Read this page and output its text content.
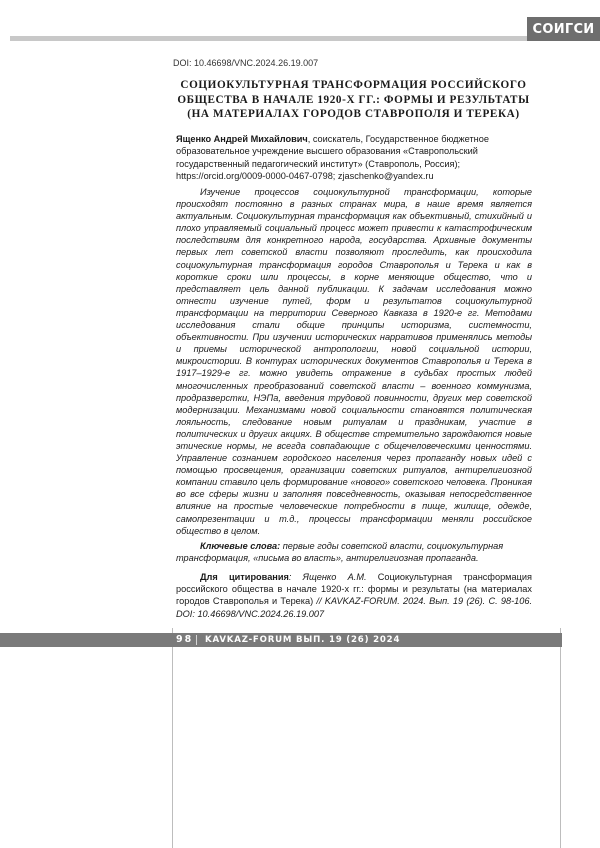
СОИГСИ
DOI: 10.46698/VNC.2024.26.19.007
СОЦИОКУЛЬТУРНАЯ ТРАНСФОРМАЦИЯ РОССИЙСКОГО
ОБЩЕСТВА В НАЧАЛЕ 1920-Х ГГ.: ФОРМЫ И РЕЗУЛЬТАТЫ
(НА МАТЕРИАЛАХ ГОРОДОВ СТАВРОПОЛЯ И ТЕРЕКА)
Ященко Андрей Михайлович, соискатель, Государственное бюджетное образовательное учреждение высшего образования «Ставропольский государственный педагогический институт» (Ставрополь, Россия); https://orcid.org/0009-0000-0467-0798; zjaschenko@yandex.ru
Изучение процессов социокультурной трансформации, которые происходят постоянно в разных странах мира, в наше время является актуальным. Социокультурная трансформация как объективный, стихийный и плохо управляемый социальный процесс может привести к катастрофическим последствиям для конкретного народа, государства. Архивные документы первых лет советской власти позволяют проследить, как происходила социокультурная трансформация городов Ставрополья и Терека и как в короткие сроки шли процессы, в корне меняющие общество, что и представляет цель данной публикации. К задачам исследования можно отнести изучение путей, форм и результатов социокультурной трансформации на территории Северного Кавказа в 1920-е гг. Методами исследования стали общие принципы историзма, системности, объективности. При изучении исторических нарративов применялись методы и приемы исторической антропологии, новой социальной истории, микроистории. В контурах исторических документов Ставрополья и Терека в 1917–1929-е гг. можно увидеть отражение в судьбах простых людей многочисленных преобразований советской власти – военного коммунизма, продразверстки, НЭПа, введения трудовой повинности, других мер советской модернизации. Механизмами новой социальности становятся политическая лояльность, следование новым ритуалам и праздникам, участие в политических и других акциях. В обществе стремительно зарождаются новые этические нормы, не всегда совпадающие с общечеловеческими ценностями. Управление сознанием городского населения через пропаганду новых идей с помощью просвещения, организации советских ритуалов, антирелигиозной компании ставило цель формирование «нового» советского человека. Проникая во все сферы жизни и заполняя повседневность, оказывая непосредственное влияние на простые человеческие потребности в пище, жилище, одежде, самопрезентации и т.д., процессы трансформации меняли российское общество в целом.
Ключевые слова: первые годы советской власти, социокультурная трансформация, «письма во власть», антирелигиозная пропаганда.
Для цитирования: Ященко А.М. Социокультурная трансформация российского общества в начале 1920-х гг.: формы и результаты (на материалах городов Ставрополья и Терека) // KAVKAZ-FORUM. 2024. Вып. 19 (26). С. 98-106. DOI: 10.46698/VNC.2024.26.19.007
98 KAVKAZ-FORUM ВЫП. 19 (26) 2024
